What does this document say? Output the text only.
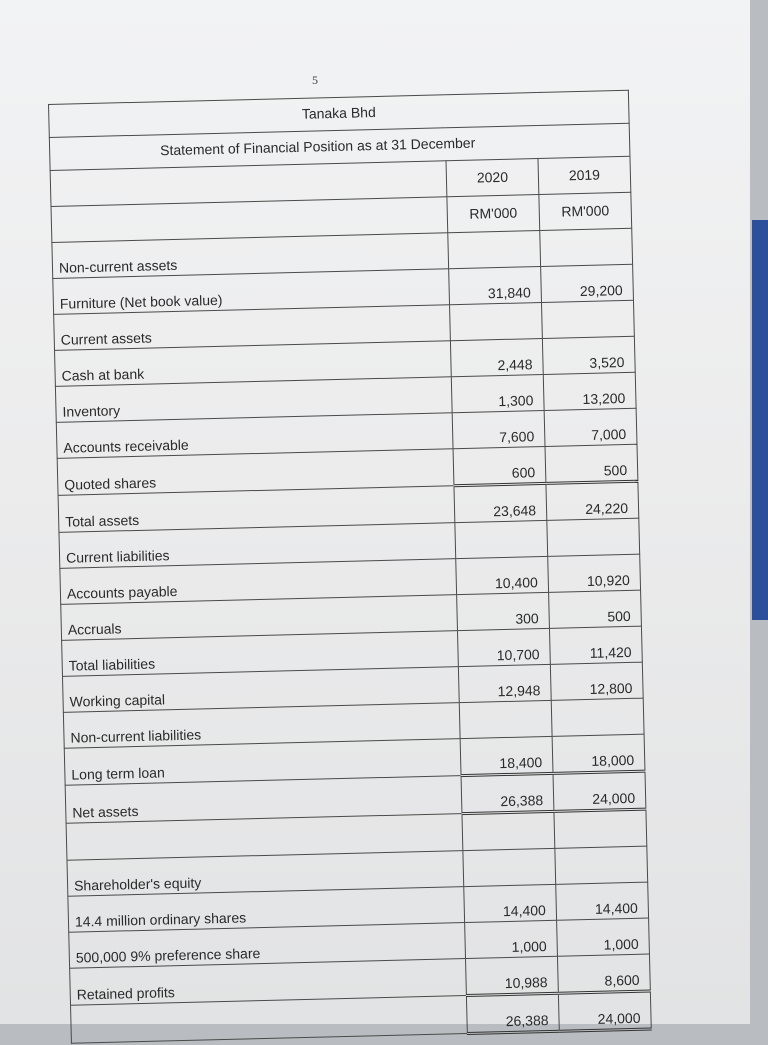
5
Tanaka Bhd		
Statement of Financial Position as at 31 December		
	2020	2019
	RM'000	RM'000
Non-current assets		
Furniture (Net book value)	31,840	29,200
Current assets		
Cash at bank	2,448	3,520
Inventory	1,300	13,200
Accounts receivable	7,600	7,000
Quoted shares	600	500
Total assets	23,648	24,220
Current liabilities		
Accounts payable	10,400	10,920
Accruals	300	500
Total liabilities	10,700	11,420
Working capital	12,948	12,800
Non-current liabilities		
Long term loan	18,400	18,000
Net assets	26,388	24,000

Shareholder's equity		
14.4 million ordinary shares	14,400	14,400
500,000 9% preference share	1,000	1,000
Retained profits	10,988	8,600
	26,388	24,000
